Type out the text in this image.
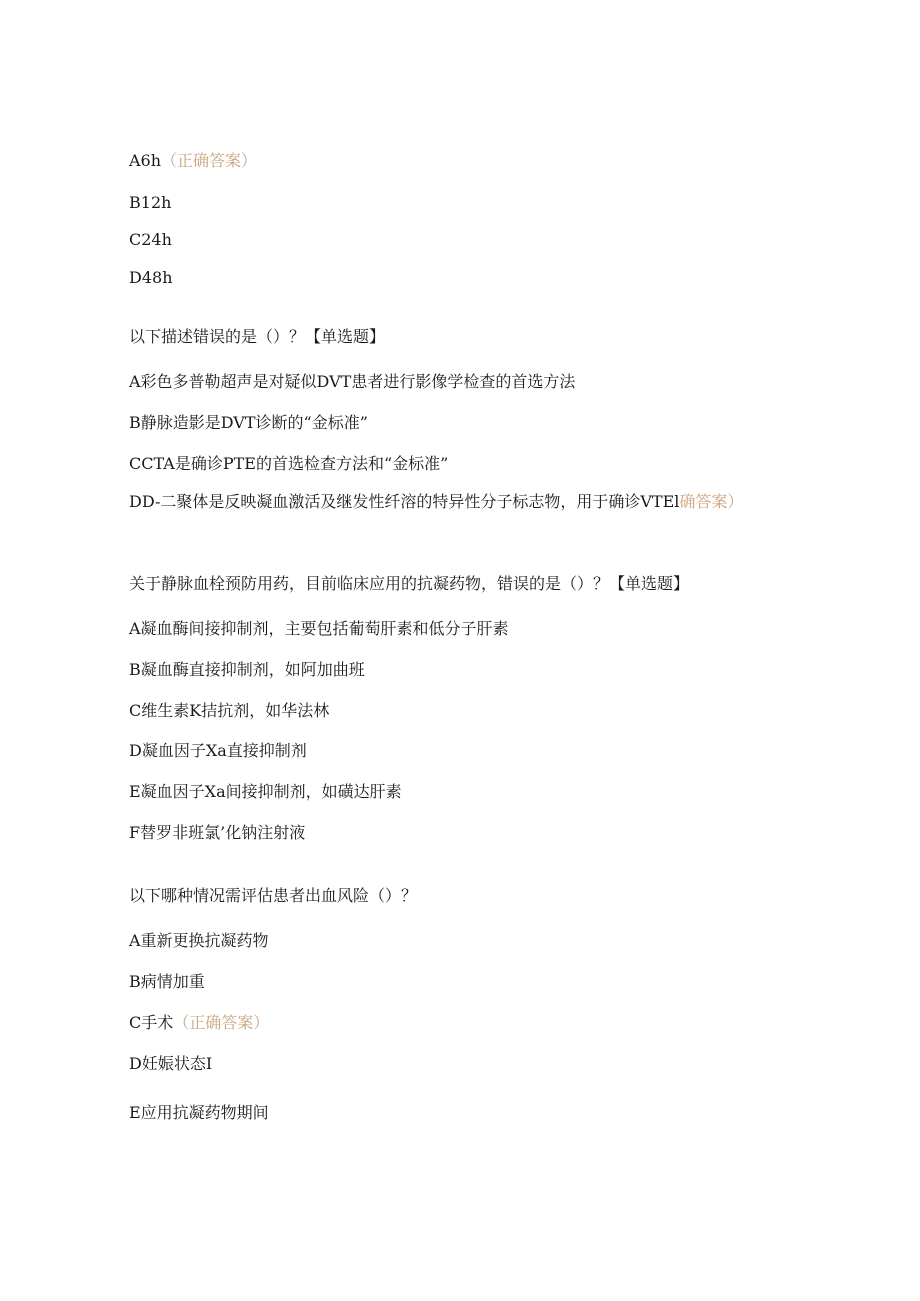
A6h（正确答案）
B12h
C24h
D48h
以下描述错误的是（）？【单选题】
A彩色多普勒超声是对疑似DVT患者进行影像学检查的首选方法
B静脉造影是DVT诊断的“金标准”
CCTA是确诊PTE的首选检查方法和“金标准”
DD-二聚体是反映凝血激活及继发性纤溶的特异性分子标志物，用于确诊VTEl确答案）
关于静脉血栓预防用药，目前临床应用的抗凝药物，错误的是（）？【单选题】
A凝血酶间接抑制剂，主要包括葡萄肝素和低分子肝素
B凝血酶直接抑制剂，如阿加曲班
C维生素K拮抗剂，如华法林
D凝血因子Xa直接抑制剂
E凝血因子Xa间接抑制剂，如磺达肝素
F替罗非班氯’化钠注射液
以下哪种情况需评估患者出血风险（）？
A重新更换抗凝药物
B病情加重
C手术（正确答案）
D妊娠状态I
E应用抗凝药物期间
